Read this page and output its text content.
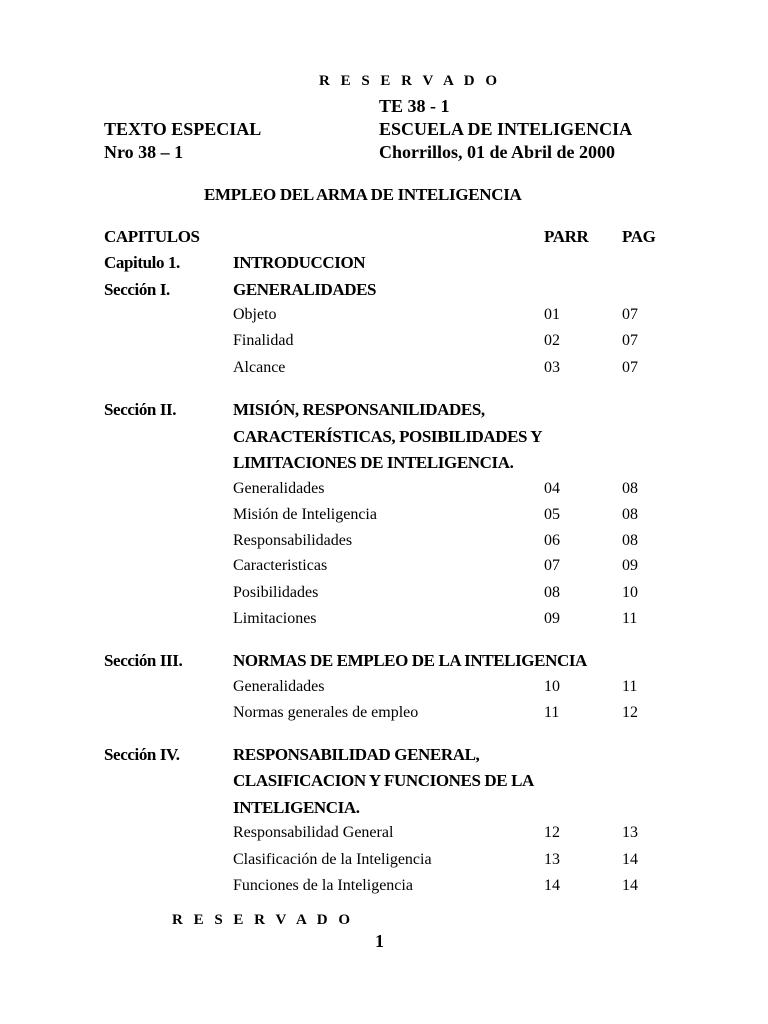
R E S E R V A D O
TE 38 - 1
TEXTO ESPECIAL	ESCUELA DE INTELIGENCIA
Nro 38 – 1	Chorrillos, 01 de Abril de 2000
EMPLEO DEL ARMA DE INTELIGENCIA
CAPITULOS	PARR PAG
Capitulo 1.	INTRODUCCION
Sección I.	GENERALIDADES
Objeto	01	07
Finalidad	02	07
Alcance	03	07
Sección II.	MISIÓN, RESPONSANILIDADES,
CARACTERÍSTICAS, POSIBILIDADES Y
LIMITACIONES DE INTELIGENCIA.
Generalidades	04	08
Misión de Inteligencia	05	08
Responsabilidades	06	08
Caracteristicas	07	09
Posibilidades	08	10
Limitaciones	09	11
Sección III.	NORMAS DE EMPLEO DE LA INTELIGENCIA
Generalidades	10	11
Normas generales de empleo	11	12
Sección IV.	RESPONSABILIDAD GENERAL,
CLASIFICACION Y FUNCIONES DE LA
INTELIGENCIA.
Responsabilidad General	12	13
Clasificación de la Inteligencia	13	14
Funciones de la Inteligencia	14	14
R E S E R V A D O
1
